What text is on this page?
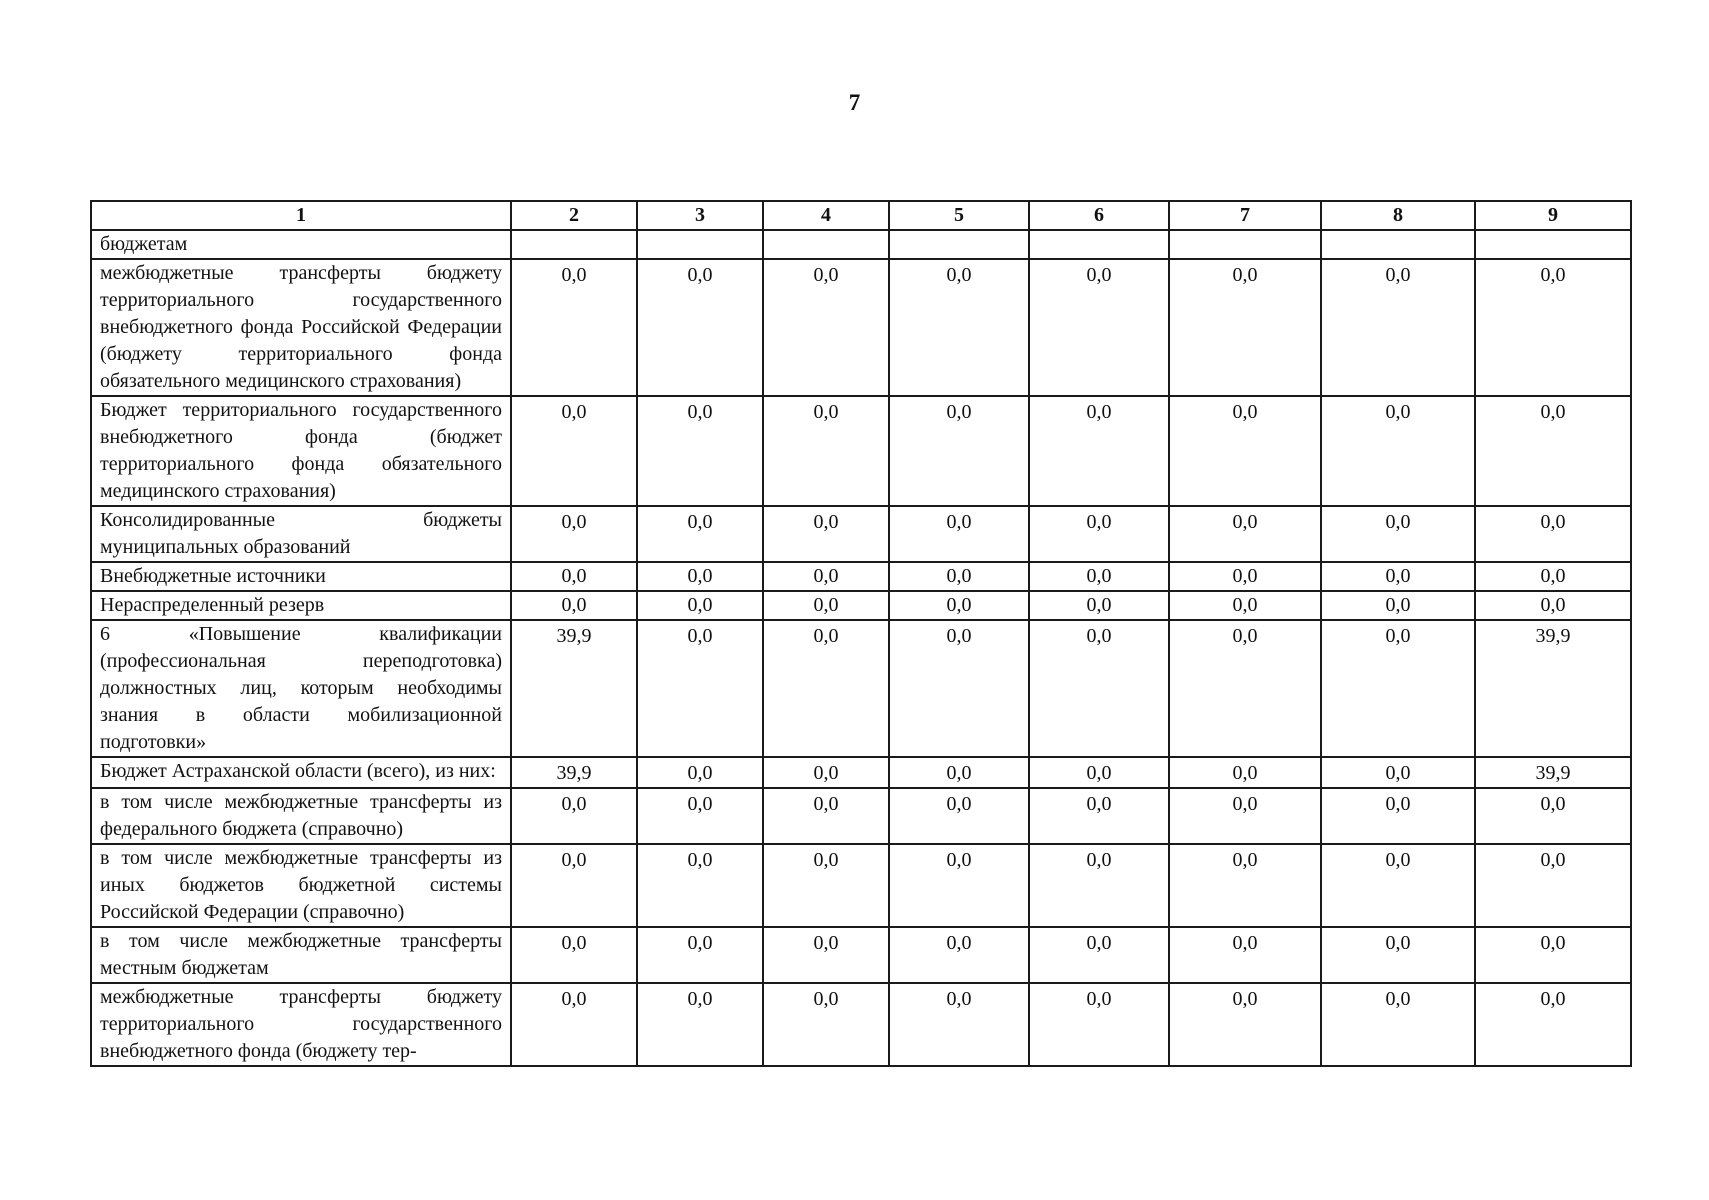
7
1	2	3	4	5	6	7	8	9
бюджетам								
межбюджетные трансферты бюджету территориального государственного внебюджетного фонда Российской Федерации (бюджету территориального фонда обязательного медицинского страхования)	0,0	0,0	0,0	0,0	0,0	0,0	0,0	0,0
Бюджет территориального государственного внебюджетного фонда (бюджет территориального фонда обязательного медицинского страхования)	0,0	0,0	0,0	0,0	0,0	0,0	0,0	0,0
Консолидированные бюджеты муниципальных образований	0,0	0,0	0,0	0,0	0,0	0,0	0,0	0,0
Внебюджетные источники	0,0	0,0	0,0	0,0	0,0	0,0	0,0	0,0
Нераспределенный резерв	0,0	0,0	0,0	0,0	0,0	0,0	0,0	0,0
6 «Повышение квалификации (профессиональная переподготовка) должностных лиц, которым необходимы знания в области мобилизационной подготовки»	39,9	0,0	0,0	0,0	0,0	0,0	0,0	39,9
Бюджет Астраханской области (всего), из них:	39,9	0,0	0,0	0,0	0,0	0,0	0,0	39,9
в том числе межбюджетные трансферты из федерального бюджета (справочно)	0,0	0,0	0,0	0,0	0,0	0,0	0,0	0,0
в том числе межбюджетные трансферты из иных бюджетов бюджетной системы Российской Федерации (справочно)	0,0	0,0	0,0	0,0	0,0	0,0	0,0	0,0
в том числе межбюджетные трансферты местным бюджетам	0,0	0,0	0,0	0,0	0,0	0,0	0,0	0,0
межбюджетные трансферты бюджету территориального государственного внебюджетного фонда (бюджету тер-	0,0	0,0	0,0	0,0	0,0	0,0	0,0	0,0
